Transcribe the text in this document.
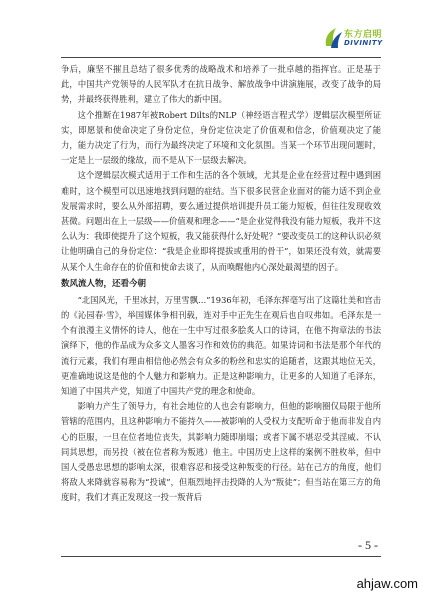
东方启明
DIVINITY

争后，廉坚不摧且总结了很多优秀的战略战术和培养了一批卓越的指挥官。正是基于此，中国共产党领导的人民军队才在抗日战争、解放战争中讲演施展，改变了战争的局势，并最终获得胜利，建立了伟大的新中国。

这个推断在1987年被Robert Dilts的NLP（神经语言程式学）逻辑层次模型所证实，即愿景和使命决定了身份定位，身份定位决定了价值观和信念，价值观决定了能力，能力决定了行为，而行为最终决定了环境和文化氛围。当某一个环节出现问题时，一定是上一层级的缘故，而不是从下一层级去解决。

这个逻辑层次模式适用于工作和生活的各个领域，尤其是企业在经营过程中遇到困难时，这个模型可以迅速地找到问题的症结。当下很多民营企业面对的能力适不到企业发展需求时，要么从外部招聘，要么通过提供培训提升员工能力短板，但往往发现收效甚微。问题出在上一层级——价值观和理念——“是企业觉得我没有能力短板，我并不这么认为：我即使提升了这个短板，我又能获得什么好处呢？”要改变员工的这种认识必须让他明确自己的身份定位：“我是企业即将提拔或重用的骨干”，如果还没有效，就需要从某个人生命存在的价值和使命去谈了，从而唤醒他内心深处最渴望的因子。

数风流人物，还看今朝

“北国风光，千里冰封，万里雪飘…”1936年初，毛泽东挥毫写出了这篇壮美和宫击的《沁园春·雪》，举国媒体争相刊载，连对手中正先生在观后也自叹弗如。毛泽东是一个有浪漫主义情怀的诗人，他在一生中写过很多脍炙人口的诗词，在他不拘章法的书法演绎下，他的作品成为众多文人墨客习作和效仿的典范。如果诗词和书法是那个年代的流行元素，我们有理由相信他必然会有众多的粉丝和忠实的追随者，这跟其地位无关，更准确地说这是他的个人魅力和影响力。正是这种影响力，让更多的人知道了毛泽东，知道了中国共产党，知道了中国共产党的理念和使命。

影响力产生了领导力，有社会地位的人也会有影响力，但他的影响圈仅局限于他所管辖的范围内，且这种影响力不能持久——被影响的人受权力支配听命于他而非发自内心的臣服，一旦在位者地位丧失，其影响力随即崩塌；或者下属不堪忍受其淫威、不认同其思想，而另投（被在位者称为叛逃）他主。中国历史上这样的案例不胜枚举，但中国人受愚忠思想的影响太深，很难容忍和接受这种叛变的行径。站在己方的角度，他们将敌人来降就容易称为“投诚”，但瓶烈地抨击投降的人为“叛徒”；但当站在第三方的角度时，我们才真正发现这一投一叛背后

- 5 -
ahjaw.com
